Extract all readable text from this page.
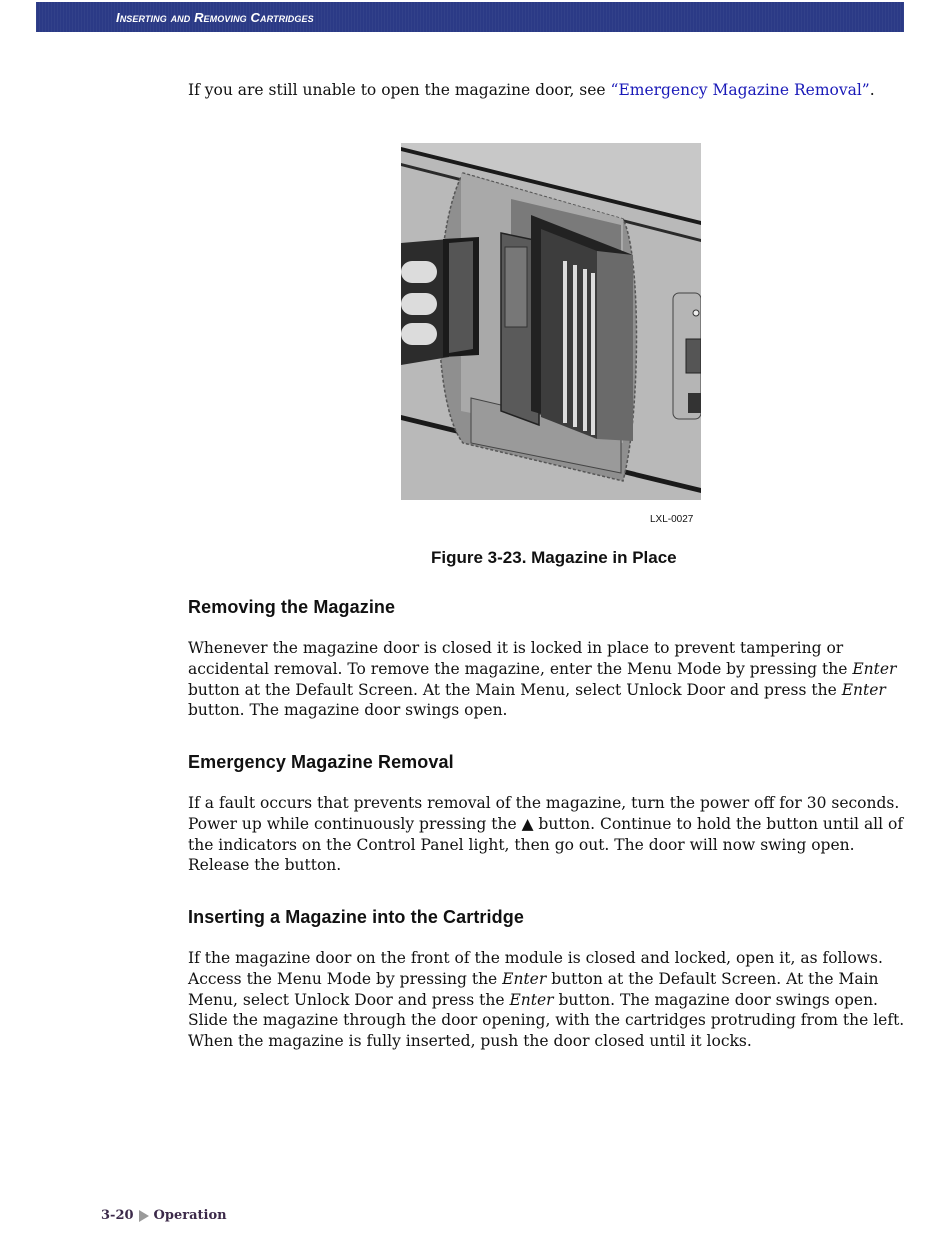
Inserting and Removing Cartridges

If you are still unable to open the magazine door, see “Emergency Magazine Removal”.

LXL-0027
Figure 3-23. Magazine in Place
Removing the Magazine

Whenever the magazine door is closed it is locked in place to prevent tampering or accidental removal. To remove the magazine, enter the Menu Mode by pressing the Enter button at the Default Screen. At the Main Menu, select Unlock Door and press the Enter button. The magazine door swings open.

Emergency Magazine Removal

If a fault occurs that prevents removal of the magazine, turn the power off for 30 seconds. Power up while continuously pressing the ▲ button. Continue to hold the button until all of the indicators on the Control Panel light, then go out. The door will now swing open. Release the button.

Inserting a Magazine into the Cartridge

If the magazine door on the front of the module is closed and locked, open it, as follows. Access the Menu Mode by pressing the Enter button at the Default Screen. At the Main Menu, select Unlock Door and press the Enter button. The magazine door swings open. Slide the magazine through the door opening, with the cartridges protruding from the left. When the magazine is fully inserted, push the door closed until it locks.

3-20 Operation
